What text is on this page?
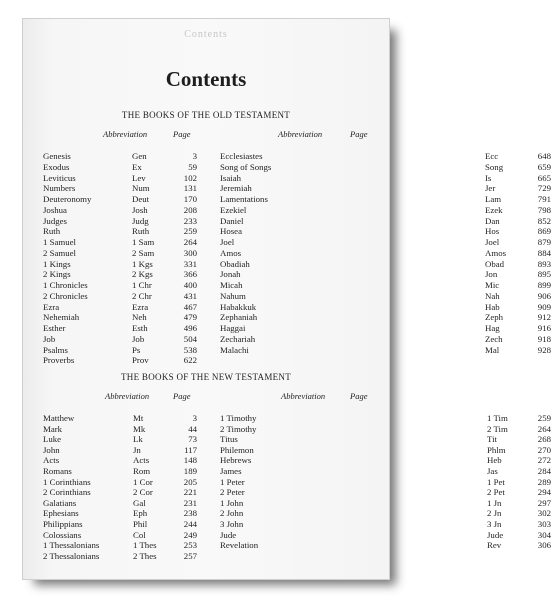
Contents
Contents
THE BOOKS OF THE OLD TESTAMENT
Abbreviation	Page	Abbreviation	Page
Genesis	Gen	3
Exodus	Ex	59
Leviticus	Lev	102
Numbers	Num	131
Deuteronomy	Deut	170
Joshua	Josh	208
Judges	Judg	233
Ruth	Ruth	259
1 Samuel	1 Sam	264
2 Samuel	2 Sam	300
1 Kings	1 Kgs	331
2 Kings	2 Kgs	366
1 Chronicles	1 Chr	400
2 Chronicles	2 Chr	431
Ezra	Ezra	467
Nehemiah	Neh	479
Esther	Esth	496
Job	Job	504
Psalms	Ps	538
Proverbs	Prov	622
Ecclesiastes	Ecc	648
Song of Songs	Song	659
Isaiah	Is	665
Jeremiah	Jer	729
Lamentations	Lam	791
Ezekiel	Ezek	798
Daniel	Dan	852
Hosea	Hos	869
Joel	Joel	879
Amos	Amos	884
Obadiah	Obad	893
Jonah	Jon	895
Micah	Mic	899
Nahum	Nah	906
Habakkuk	Hab	909
Zephaniah	Zeph	912
Haggai	Hag	916
Zechariah	Zech	918
Malachi	Mal	928
THE BOOKS OF THE NEW TESTAMENT
Abbreviation	Page	Abbreviation	Page
Matthew	Mt	3
Mark	Mk	44
Luke	Lk	73
John	Jn	117
Acts	Acts	148
Romans	Rom	189
1 Corinthians	1 Cor	205
2 Corinthians	2 Cor	221
Galatians	Gal	231
Ephesians	Eph	238
Philippians	Phil	244
Colossians	Col	249
1 Thessalonians	1 Thes	253
2 Thessalonians	2 Thes	257
1 Timothy	1 Tim	259
2 Timothy	2 Tim	264
Titus	Tit	268
Philemon	Phlm	270
Hebrews	Heb	272
James	Jas	284
1 Peter	1 Pet	289
2 Peter	2 Pet	294
1 John	1 Jn	297
2 John	2 Jn	302
3 John	3 Jn	303
Jude	Jude	304
Revelation	Rev	306
